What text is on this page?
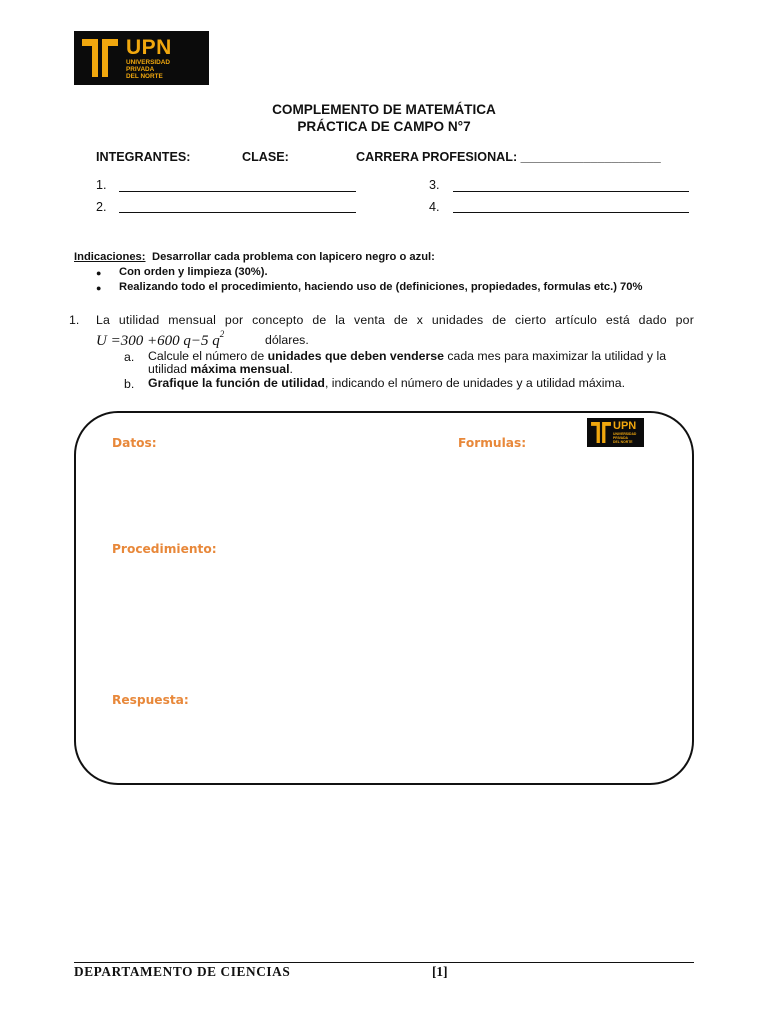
UPN
UNIVERSIDAD
PRIVADA
DEL NORTE
COMPLEMENTO DE MATEMÁTICA
PRÁCTICA DE CAMPO N°7
INTEGRANTES:	CLASE:	CARRERA PROFESIONAL: ____________________
1.
2.
3.
4.
Indicaciones: Desarrollar cada problema con lapicero negro o azul:
● Con orden y limpieza (30%).
● Realizando todo el procedimiento, haciendo uso de (definiciones, propiedades, formulas etc.) 70%
1. La utilidad mensual por concepto de la venta de x unidades de cierto artículo está dado por
U =300 +600 q−5 $q^2$	dólares.
a. Calcule el número de unidades que deben venderse cada mes para maximizar la utilidad y la utilidad máxima mensual.
b. Grafique la función de utilidad, indicando el número de unidades y a utilidad máxima.
Datos:	Formulas:
Procedimiento:
Respuesta:
UPN
UNIVERSIDAD
PRIVADA
DEL NORTE
DEPARTAMENTO DE CIENCIAS	[1]
